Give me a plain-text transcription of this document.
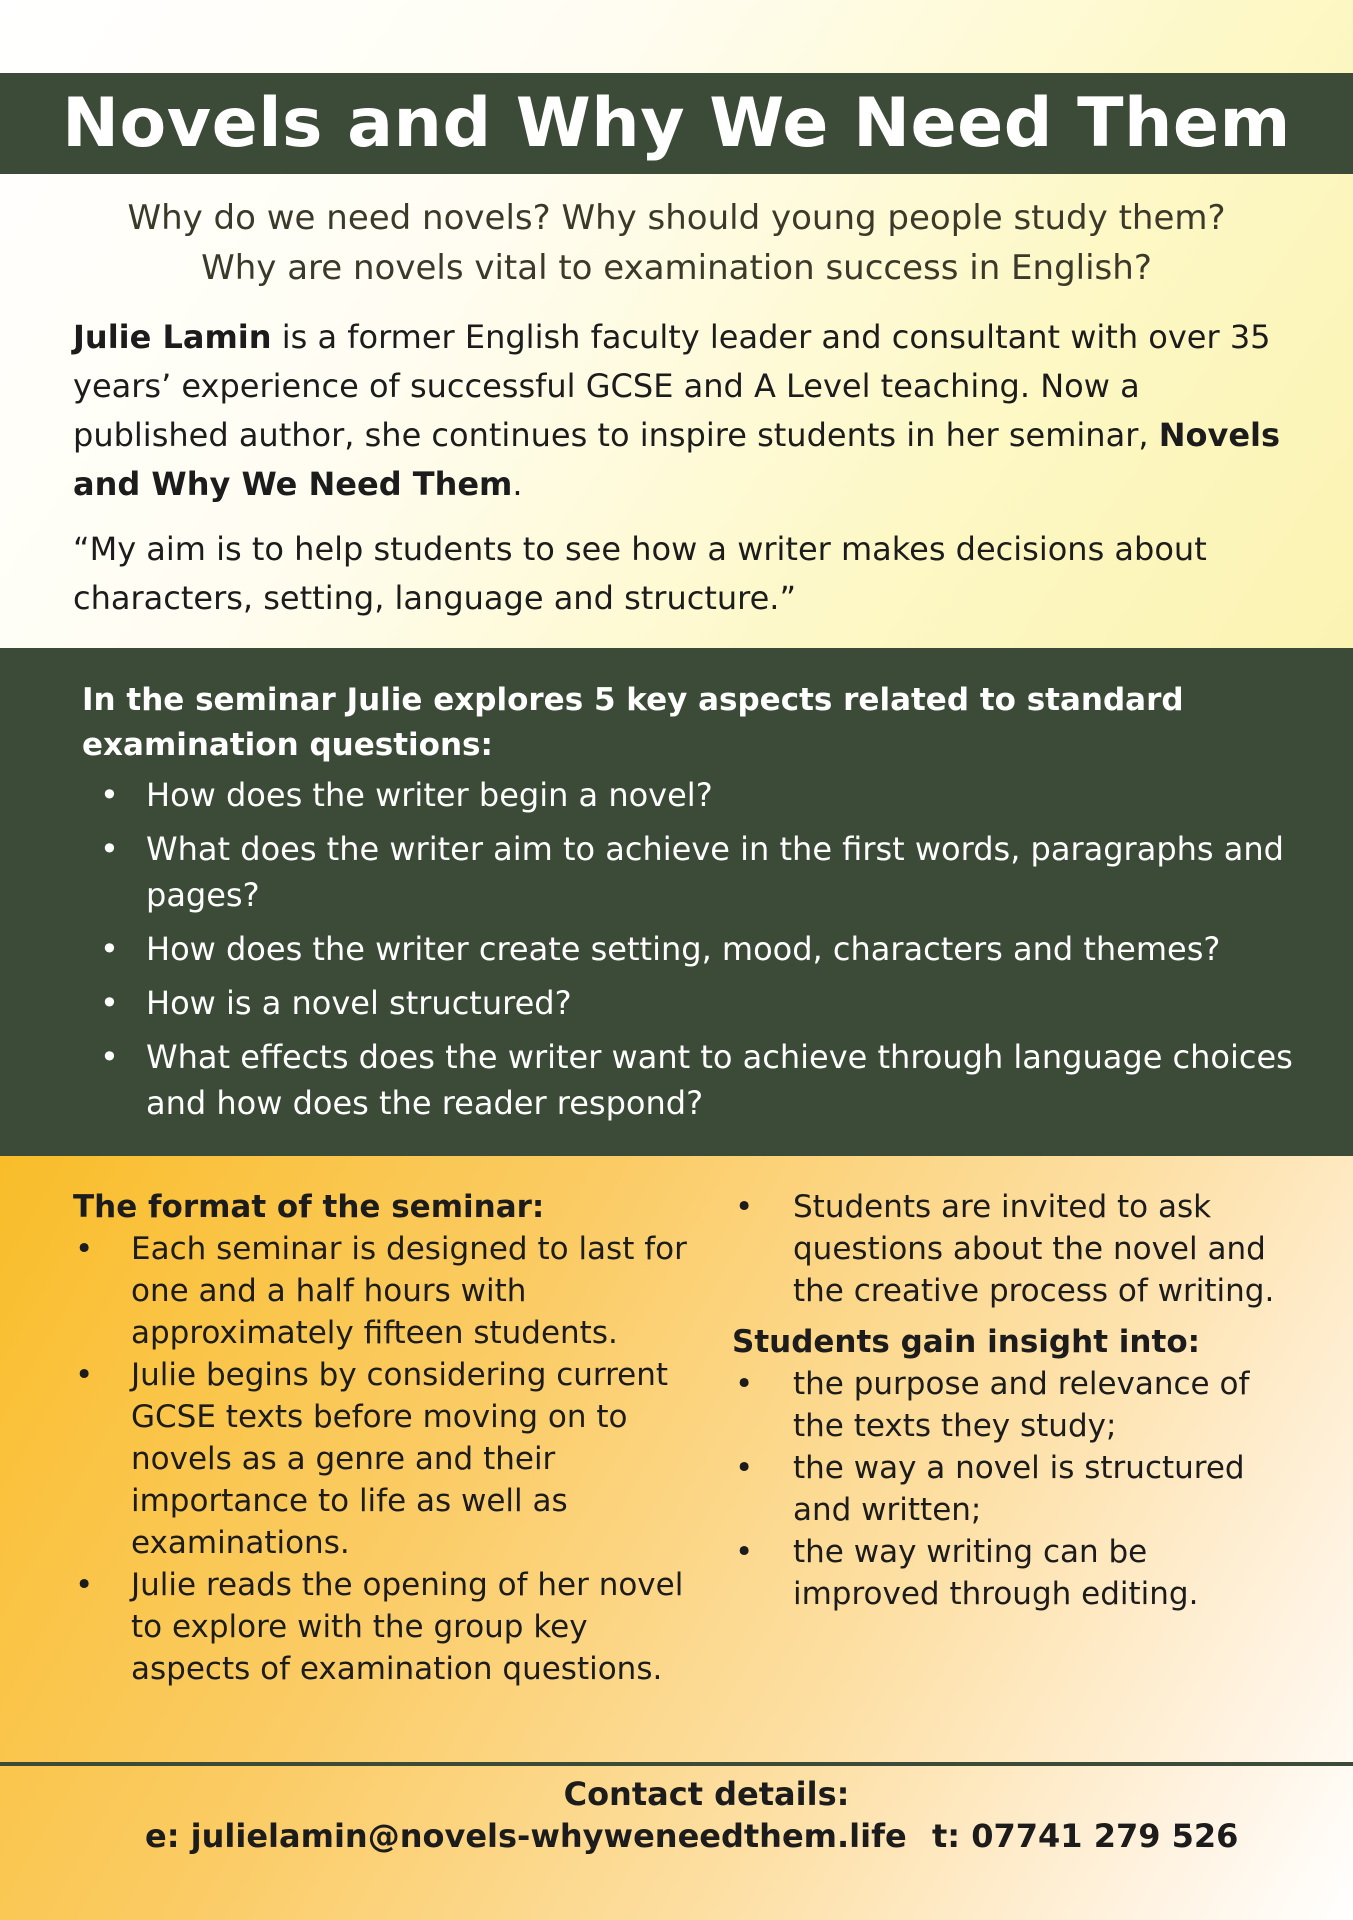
Novels and Why We Need Them
Why do we need novels? Why should young people study them?
Why are novels vital to examination success in English?

Julie Lamin is a former English faculty leader and consultant with over 35 years’ experience of successful GCSE and A Level teaching. Now a published author, she continues to inspire students in her seminar, Novels and Why We Need Them.

“My aim is to help students to see how a writer makes decisions about characters, setting, language and structure.”

In the seminar Julie explores 5 key aspects related to standard examination questions:
• How does the writer begin a novel?
• What does the writer aim to achieve in the first words, paragraphs and pages?
• How does the writer create setting, mood, characters and themes?
• How is a novel structured?
• What effects does the writer want to achieve through language choices and how does the reader respond?
The format of the seminar:
• Each seminar is designed to last for one and a half hours with approximately fifteen students.
• Julie begins by considering current GCSE texts before moving on to novels as a genre and their importance to life as well as examinations.
• Julie reads the opening of her novel to explore with the group key aspects of examination questions.
• Students are invited to ask questions about the novel and the creative process of writing.
Students gain insight into:
• the purpose and relevance of the texts they study;
• the way a novel is structured and written;
• the way writing can be improved through editing.
Contact details:
e: julielamin@novels-whyweneedthem.life t: 07741 279 526
